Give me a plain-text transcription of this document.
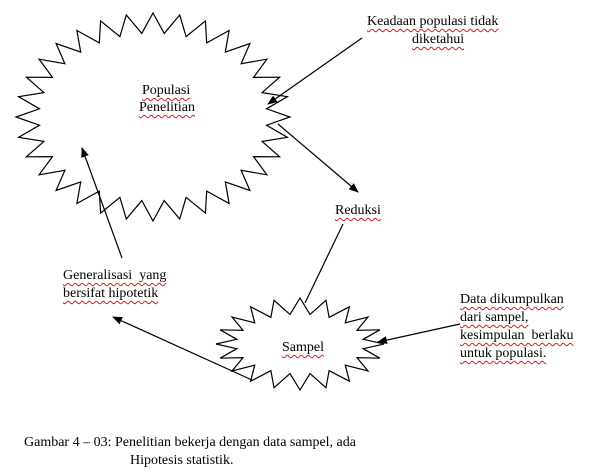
Populasi
Penelitian
Keadaan populasi tidak
diketahui
Reduksi
Sampel
Generalisasi  yang
bersifat hipotetik	Data dikumpulkan
dari sampel,
kesimpulan  berlaku
untuk populasi.
Gambar 4 – 03: Penelitian bekerja dengan data sampel, ada
Hipotesis statistik.
